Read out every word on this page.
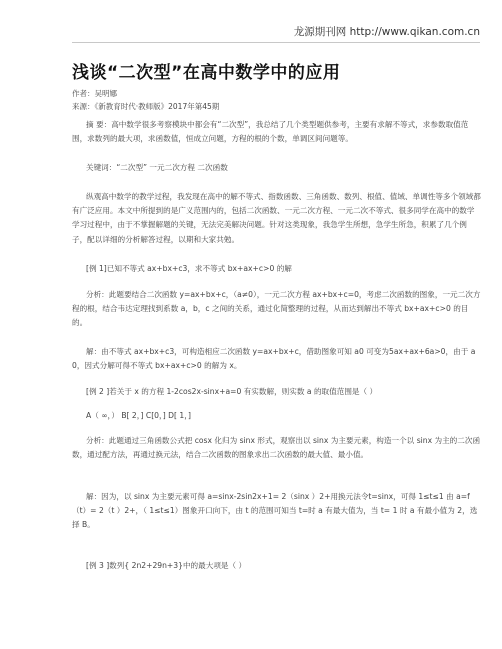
龙源期刊网 http://www.qikan.com.cn
浅谈“二次型”在高中数学中的应用
作者：吴明娜
来源：《新教育时代·教师版》2017年第45期

摘 要：高中数学很多考察模块中都会有“二次型”，我总结了几个类型题供参考，主要有求解不等式，求参数取值范围，求数列的最大项，求函数值，恒成立问题，方程的根的个数，单调区间问题等。

关键词：“二次型” 一元二次方程 二次函数

纵观高中数学的教学过程，我发现在高中的解不等式、指数函数、三角函数、数列、根值、值域、单调性等多个领域都有广泛应用。本文中所提到的是广义范围内的，包括二次函数、一元二次方程、一元二次不等式、很多同学在高中的数学学习过程中，由于不掌握解题的关键，无法完美解决问题。针对这类现象，我急学生所想，急学生所急，积累了几个例子，配以详细的分析解答过程，以期和大家共勉。

[例 1]已知不等式 ax+bx+c3，求不等式 bx+ax+c>0 的解

分析：此题要结合二次函数 y=ax+bx+c，（a≠0），一元二次方程 ax+bx+c=0，考虑二次函数的图象，一元二次方程的根，结合韦达定理找到系数 a，b，c 之间的关系，通过化简整理的过程，从而达到解出不等式 bx+ax+c>0 的目的。

解：由不等式 ax+bx+c3，可构造相应二次函数 y=ax+bx+c，借助图象可知 a0 可变为5ax+ax+6a>0，由于 a0，因式分解可得不等式 bx+ax+c>0 的解为 x。

[例 2 ]若关于 x 的方程 1-2cos2x-sinx+a=0 有实数解，则实数 a 的取值范围是（ ）

A（ ∞，） B[ 2，] C[0，] D[ 1，]

分析：此题通过三角函数公式把 cosx 化归为 sinx 形式，观察出以 sinx 为主要元素，构造一个以 sinx 为主的二次函数，通过配方法，再通过换元法，结合二次函数的图象求出二次函数的最大值、最小值。

解：因为，以 sinx 为主要元素可得 a=sinx-2sin2x+1= 2（sinx ）2+用换元法令t=sinx，可得 1≤t≤1 由 a=f（t）= 2（t ）2+，（ 1≤t≤1）图象开口向下，由 t 的范围可知当 t=时 a 有最大值为，当 t= 1 时 a 有最小值为 2，选择 B。

[例 3 ]数列{ 2n2+29n+3}中的最大项是（ ）
